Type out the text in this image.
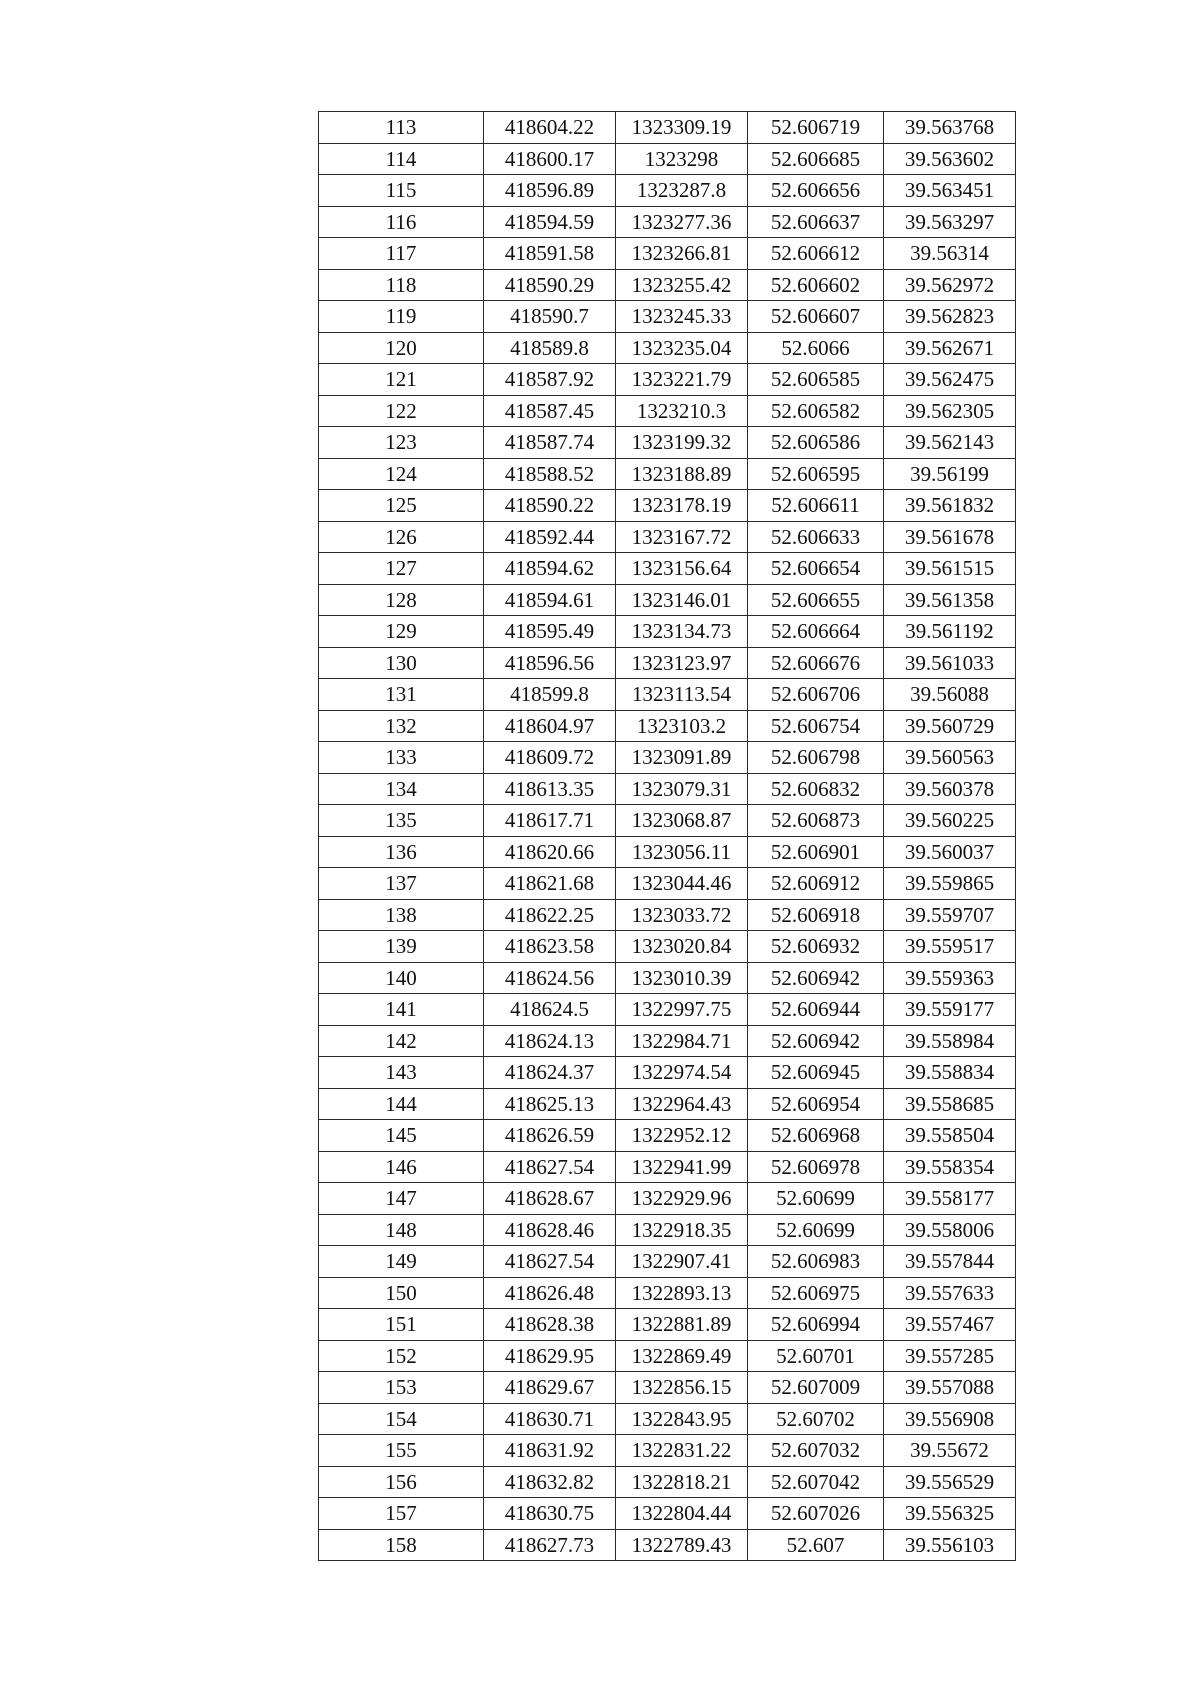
113	418604.22	1323309.19	52.606719	39.563768
114	418600.17	1323298	52.606685	39.563602
115	418596.89	1323287.8	52.606656	39.563451
116	418594.59	1323277.36	52.606637	39.563297
117	418591.58	1323266.81	52.606612	39.56314
118	418590.29	1323255.42	52.606602	39.562972
119	418590.7	1323245.33	52.606607	39.562823
120	418589.8	1323235.04	52.6066	39.562671
121	418587.92	1323221.79	52.606585	39.562475
122	418587.45	1323210.3	52.606582	39.562305
123	418587.74	1323199.32	52.606586	39.562143
124	418588.52	1323188.89	52.606595	39.56199
125	418590.22	1323178.19	52.606611	39.561832
126	418592.44	1323167.72	52.606633	39.561678
127	418594.62	1323156.64	52.606654	39.561515
128	418594.61	1323146.01	52.606655	39.561358
129	418595.49	1323134.73	52.606664	39.561192
130	418596.56	1323123.97	52.606676	39.561033
131	418599.8	1323113.54	52.606706	39.56088
132	418604.97	1323103.2	52.606754	39.560729
133	418609.72	1323091.89	52.606798	39.560563
134	418613.35	1323079.31	52.606832	39.560378
135	418617.71	1323068.87	52.606873	39.560225
136	418620.66	1323056.11	52.606901	39.560037
137	418621.68	1323044.46	52.606912	39.559865
138	418622.25	1323033.72	52.606918	39.559707
139	418623.58	1323020.84	52.606932	39.559517
140	418624.56	1323010.39	52.606942	39.559363
141	418624.5	1322997.75	52.606944	39.559177
142	418624.13	1322984.71	52.606942	39.558984
143	418624.37	1322974.54	52.606945	39.558834
144	418625.13	1322964.43	52.606954	39.558685
145	418626.59	1322952.12	52.606968	39.558504
146	418627.54	1322941.99	52.606978	39.558354
147	418628.67	1322929.96	52.60699	39.558177
148	418628.46	1322918.35	52.60699	39.558006
149	418627.54	1322907.41	52.606983	39.557844
150	418626.48	1322893.13	52.606975	39.557633
151	418628.38	1322881.89	52.606994	39.557467
152	418629.95	1322869.49	52.60701	39.557285
153	418629.67	1322856.15	52.607009	39.557088
154	418630.71	1322843.95	52.60702	39.556908
155	418631.92	1322831.22	52.607032	39.55672
156	418632.82	1322818.21	52.607042	39.556529
157	418630.75	1322804.44	52.607026	39.556325
158	418627.73	1322789.43	52.607	39.556103
